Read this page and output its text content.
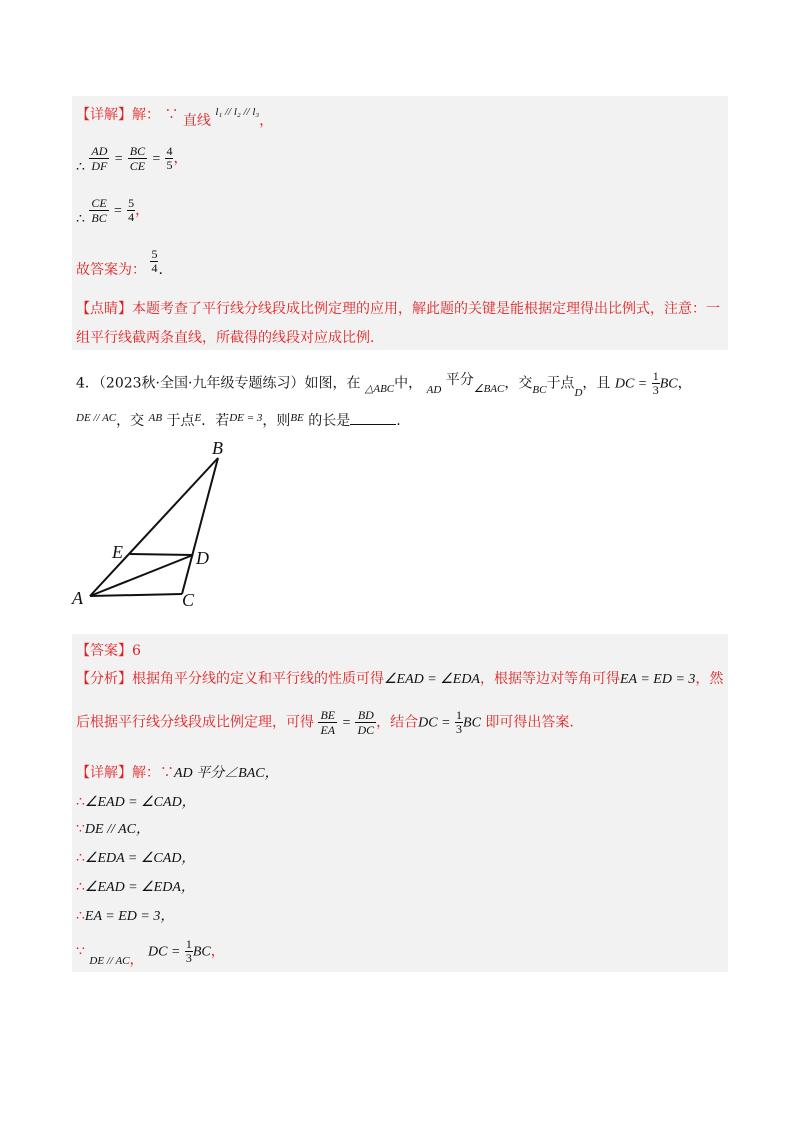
【详解】解： ∵ 直线 $^{l_1 // l_2 // l_3}$，
∴ $\frac{AD}{DF} = \frac{BC}{CE} = \frac{4}{5}$ ，
∴ $\frac{CE}{BC} = \frac{5}{4}$ ，
故答案为： $\frac{5}{4}$ .
【点睛】本题考查了平行线分线段成比例定理的应用，解此题的关键是能根据定理得出比例式，注意：一
组平行线截两条直线，所截得的线段对应成比例.
4．（2023秋·全国·九年级专题练习）如图，在 $_{\triangle ABC}$中， $_{AD}$ 平分$_{\angle BAC}$，交$_{BC}$于点$_D$，且 DC = $\frac{1}{3}$ BC，
$^{DE // AC}$，交 $^{AB}$ 于点$^E$．若$^{DE = 3}$，则$^{BE}$ 的长是	.
B
E	D
A	C
【答案】6
【分析】根据角平分线的定义和平行线的性质可得∠EAD = ∠EDA，根据等边对等角可得EA = ED = 3，然
后根据平行线分线段成比例定理，可得 $\frac{BE}{EA} = \frac{BD}{DC}$ ，结合DC = $\frac{1}{3}$ BC 即可得出答案.
【详解】解：∵AD 平分∠BAC，
∴∠EAD = ∠CAD，
∵DE // AC，
∴∠EDA = ∠CAD，
∴∠EAD = ∠EDA，
∴EA = ED = 3，
∵ $_{DE // AC}$， DC = $\frac{1}{3}$ BC，
